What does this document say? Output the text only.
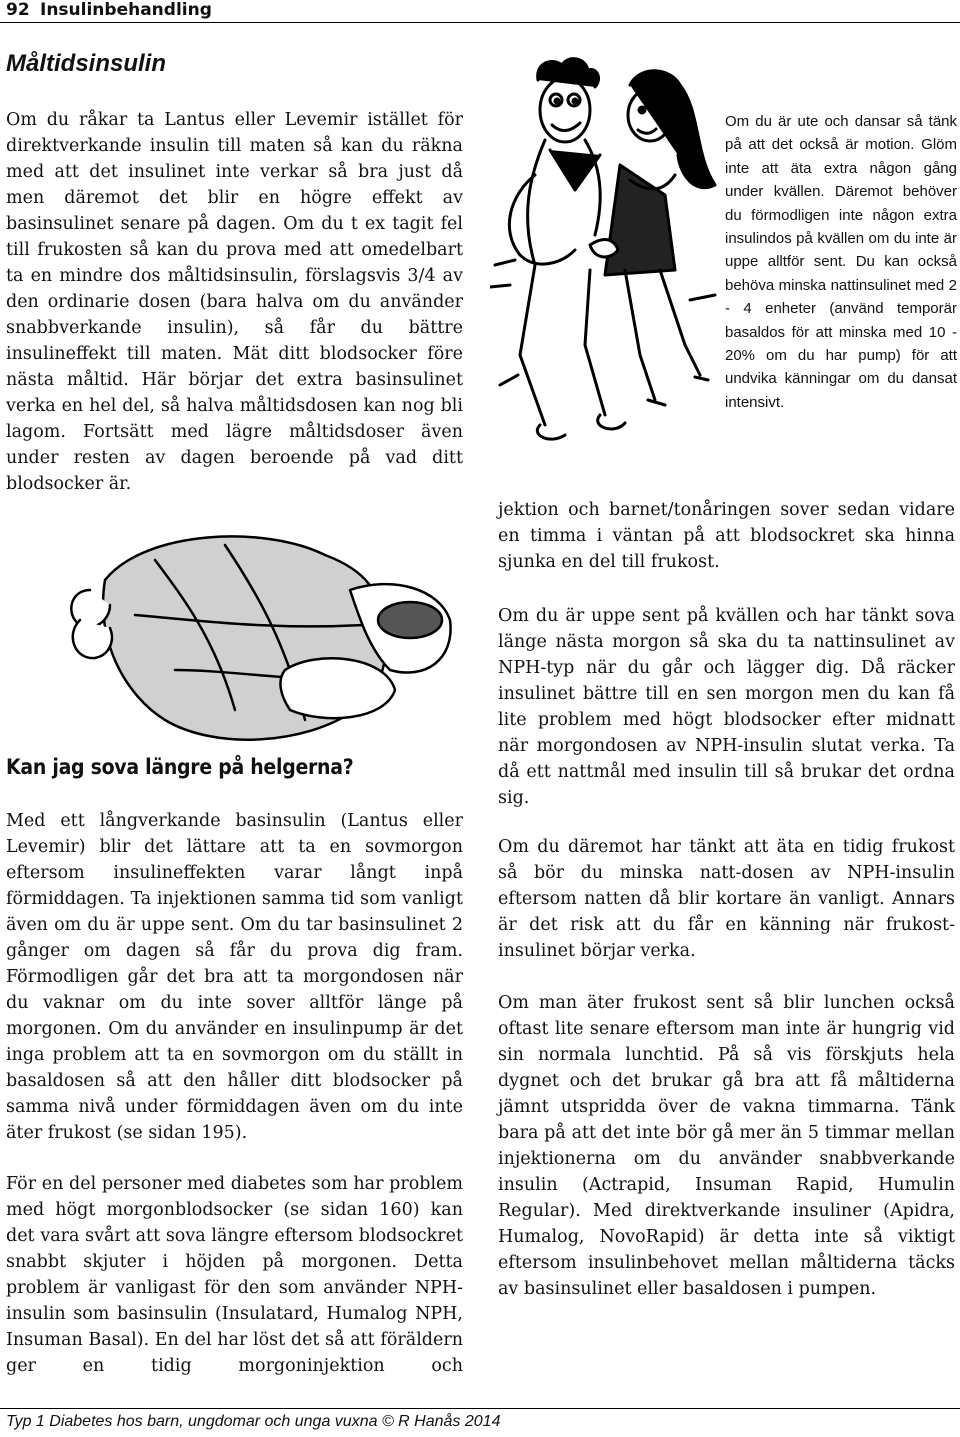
92 Insulinbehandling
Måltidsinsulin

Om du råkar ta Lantus eller Levemir istället för direktverkande insulin till maten så kan du räkna med att det insulinet inte verkar så bra just då men däremot det blir en högre effekt av basinsulinet senare på dagen. Om du t ex tagit fel till frukosten så kan du prova med att omedelbart ta en mindre dos måltidsinsulin, förslagsvis 3/4 av den ordinarie dosen (bara halva om du använder snabbverkande insulin), så får du bättre insulineffekt till maten. Mät ditt blodsocker före nästa måltid. Här börjar det extra basinsulinet verka en hel del, så halva måltidsdosen kan nog bli lagom. Fortsätt med lägre måltidsdoser även under resten av dagen beroende på vad ditt blodsocker är.

Om du är ute och dansar så tänk på att det också är motion. Glöm inte att äta extra någon gång under kvällen. Däremot behöver du förmodligen inte någon extra insulindos på kvällen om du inte är uppe alltför sent. Du kan också behöva minska nattinsulinet med 2 - 4 enheter (använd temporär basaldos för att minska med 10 - 20% om du har pump) för att undvika känningar om du dansat intensivt.

Kan jag sova längre på helgerna?

Med ett långverkande basinsulin (Lantus eller Levemir) blir det lättare att ta en sovmorgon eftersom insulineffekten varar långt inpå förmiddagen. Ta injektionen samma tid som vanligt även om du är uppe sent. Om du tar basinsulinet 2 gånger om dagen så får du prova dig fram. Förmodligen går det bra att ta morgondosen när du vaknar om du inte sover alltför länge på morgonen. Om du använder en insulinpump är det inga problem att ta en sovmorgon om du ställt in basaldosen så att den håller ditt blodsocker på samma nivå under förmiddagen även om du inte äter frukost (se sidan 195).

För en del personer med diabetes som har problem med högt morgonblodsocker (se sidan 160) kan det vara svårt att sova längre eftersom blodsockret snabbt skjuter i höjden på morgonen. Detta problem är vanligast för den som använder NPH-insulin som basinsulin (Insulatard, Humalog NPH, Insuman Basal). En del har löst det så att föräldern ger en tidig morgoninjektion och

jektion och barnet/tonåringen sover sedan vidare en timma i väntan på att blodsockret ska hinna sjunka en del till frukost.

Om du är uppe sent på kvällen och har tänkt sova länge nästa morgon så ska du ta nattinsulinet av NPH-typ när du går och lägger dig. Då räcker insulinet bättre till en sen morgon men du kan få lite problem med högt blodsocker efter midnatt när morgondosen av NPH-insulin slutat verka. Ta då ett nattmål med insulin till så brukar det ordna sig.

Om du däremot har tänkt att äta en tidig frukost så bör du minska natt-dosen av NPH-insulin eftersom natten då blir kortare än vanligt. Annars är det risk att du får en känning när frukost-insulinet börjar verka.

Om man äter frukost sent så blir lunchen också oftast lite senare eftersom man inte är hungrig vid sin normala lunchtid. På så vis förskjuts hela dygnet och det brukar gå bra att få måltiderna jämnt utspridda över de vakna timmarna. Tänk bara på att det inte bör gå mer än 5 timmar mellan injektionerna om du använder snabbverkande insulin (Actrapid, Insuman Rapid, Humulin Regular). Med direktverkande insuliner (Apidra, Humalog, NovoRapid) är detta inte så viktigt eftersom insulinbehovet mellan måltiderna täcks av basinsulinet eller basaldosen i pumpen.

Typ 1 Diabetes hos barn, ungdomar och unga vuxna © R Hanås 2014
